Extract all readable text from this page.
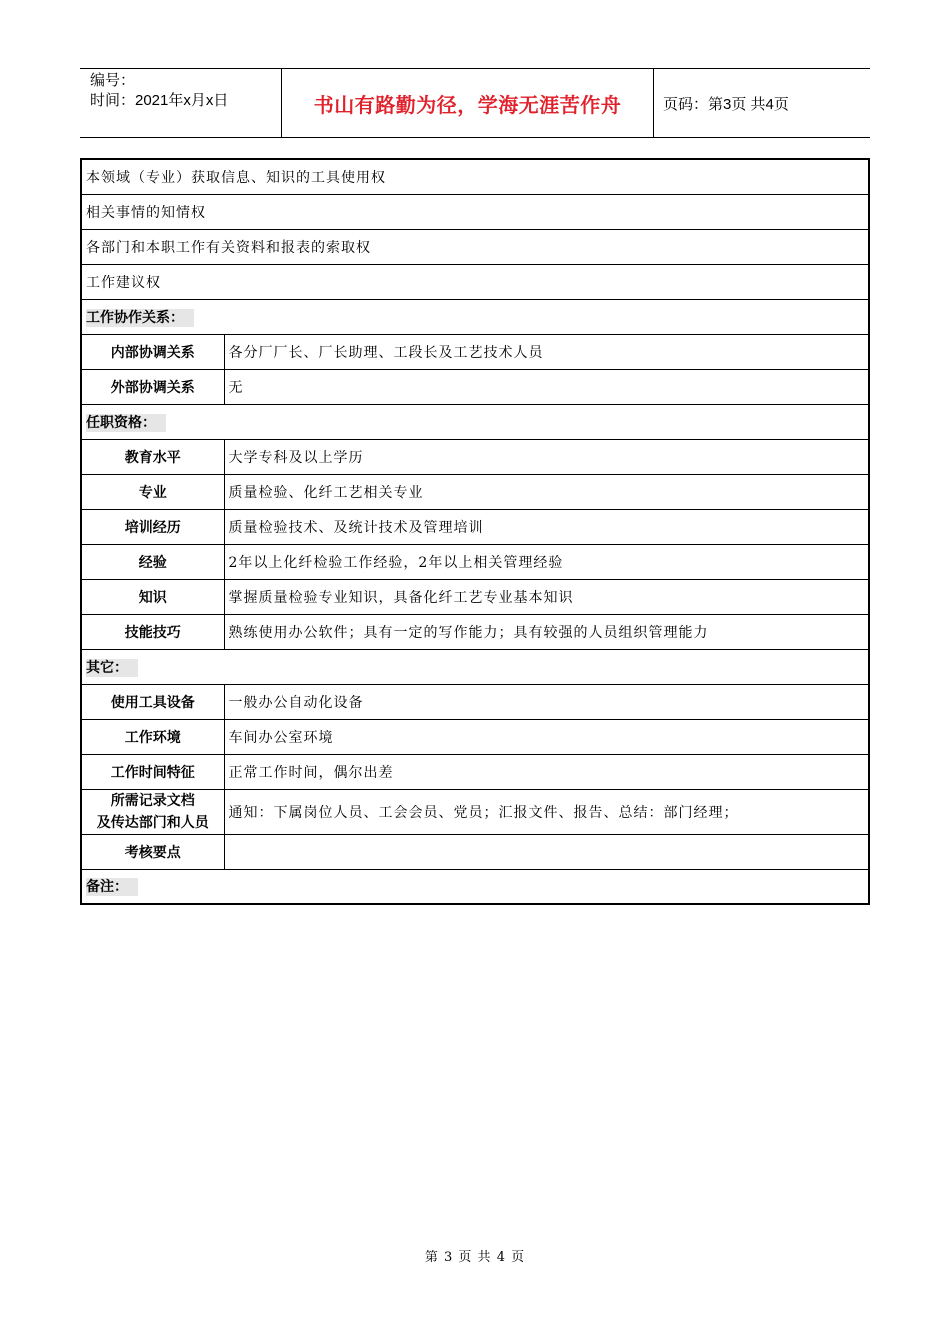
编号：
时间：2021年x月x日	书山有路勤为径，学海无涯苦作舟	页码：第3页 共4页
本领域（专业）获取信息、知识的工具使用权	
相关事情的知情权	
各部门和本职工作有关资料和报表的索取权	
工作建议权	
工作协作关系：	
内部协调关系	各分厂厂长、厂长助理、工段长及工艺技术人员
外部协调关系	无
任职资格：	
教育水平	大学专科及以上学历
专业	质量检验、化纤工艺相关专业
培训经历	质量检验技术、及统计技术及管理培训
经验	2年以上化纤检验工作经验，2年以上相关管理经验
知识	掌握质量检验专业知识，具备化纤工艺专业基本知识
技能技巧	熟练使用办公软件；具有一定的写作能力；具有较强的人员组织管理能力
其它：	
使用工具设备	一般办公自动化设备
工作环境	车间办公室环境
工作时间特征	正常工作时间，偶尔出差

所需记录文档
及传达部门和人员	通知：下属岗位人员、工会会员、党员；汇报文件、报告、总结：部门经理；
考核要点	
备注：	
第 3 页 共 4 页
